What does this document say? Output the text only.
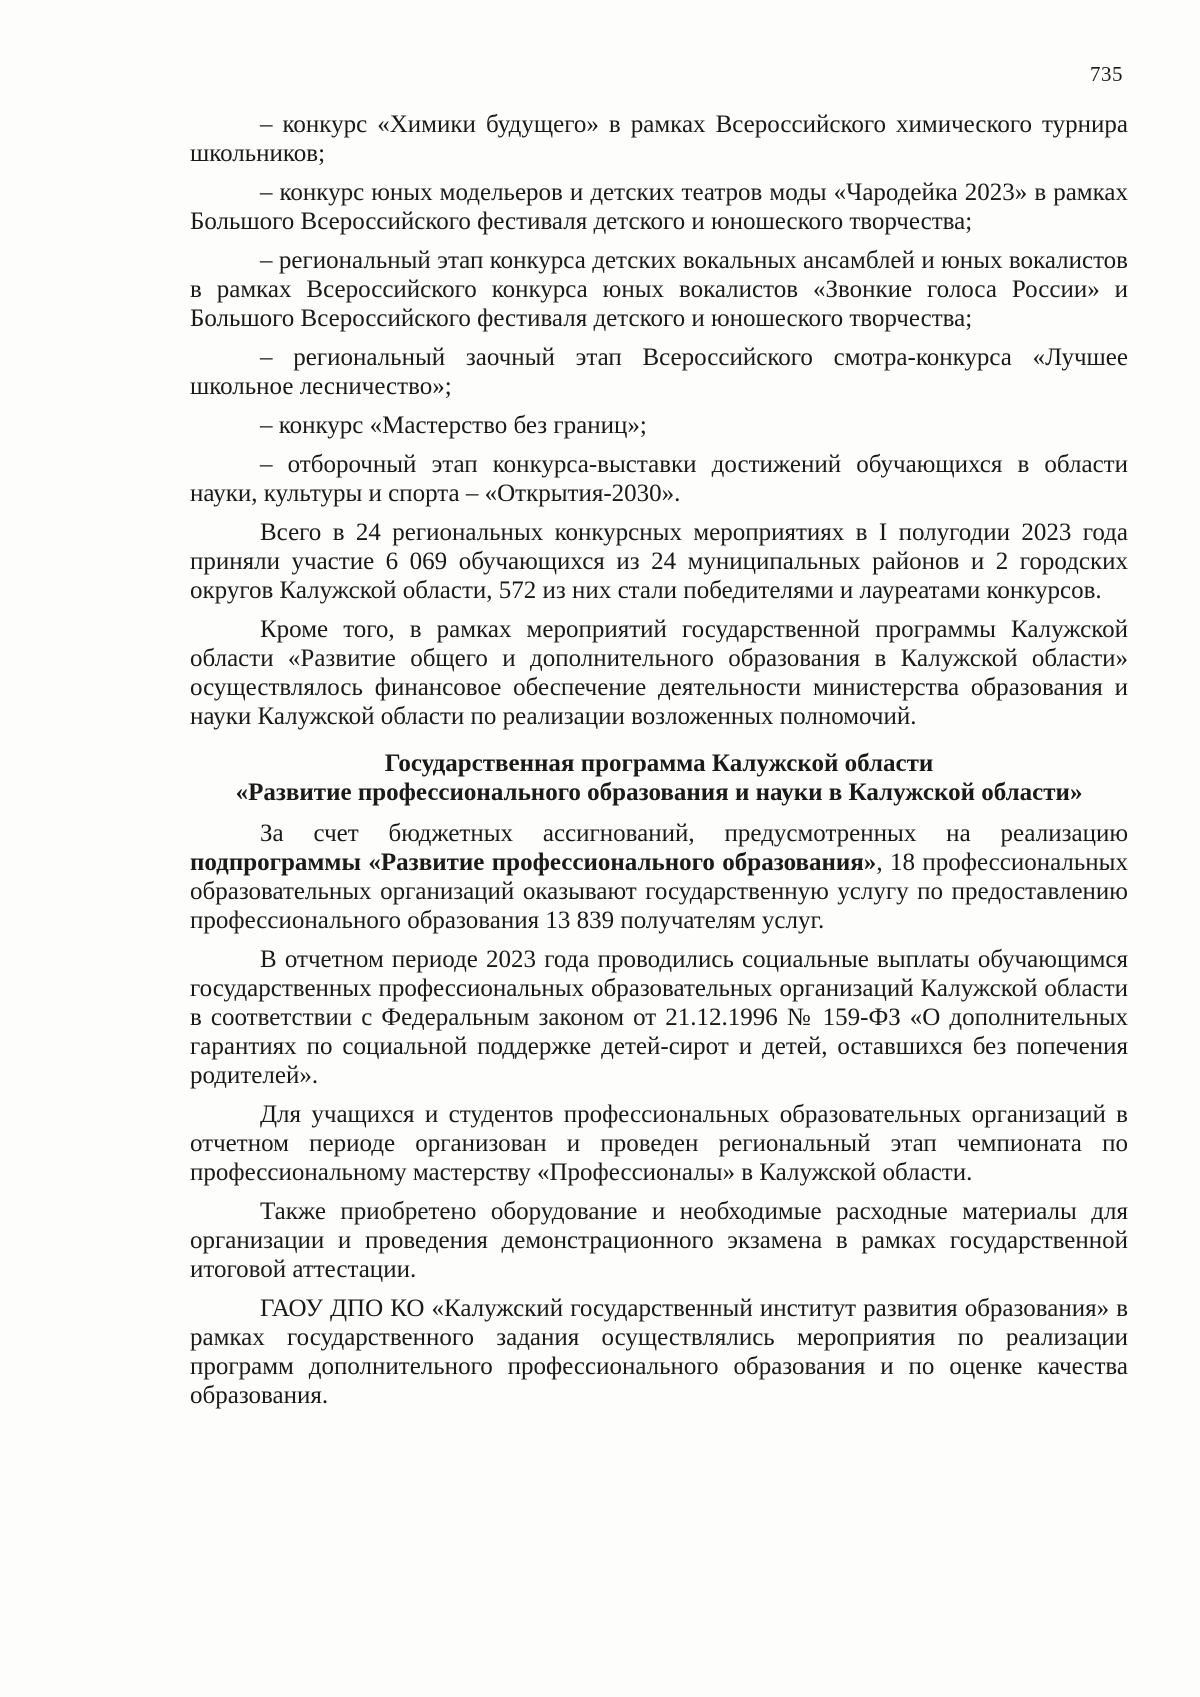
735

– конкурс «Химики будущего» в рамках Всероссийского химического турнира школьников;

– конкурс юных модельеров и детских театров моды «Чародейка 2023» в рамках Большого Всероссийского фестиваля детского и юношеского творчества;

– региональный этап конкурса детских вокальных ансамблей и юных вокалистов в рамках Всероссийского конкурса юных вокалистов «Звонкие голоса России» и Большого Всероссийского фестиваля детского и юношеского творчества;

– региональный заочный этап Всероссийского смотра-конкурса «Лучшее школьное лесничество»;

– конкурс «Мастерство без границ»;

– отборочный этап конкурса-выставки достижений обучающихся в области науки, культуры и спорта – «Открытия-2030».

Всего в 24 региональных конкурсных мероприятиях в I полугодии 2023 года приняли участие 6 069 обучающихся из 24 муниципальных районов и 2 городских округов Калужской области, 572 из них стали победителями и лауреатами конкурсов.

Кроме того, в рамках мероприятий государственной программы Калужской области «Развитие общего и дополнительного образования в Калужской области» осуществлялось финансовое обеспечение деятельности министерства образования и науки Калужской области по реализации возложенных полномочий.

Государственная программа Калужской области
«Развитие профессионального образования и науки в Калужской области»

За счет бюджетных ассигнований, предусмотренных на реализацию подпрограммы «Развитие профессионального образования», 18 профессиональных образовательных организаций оказывают государственную услугу по предоставлению профессионального образования 13 839 получателям услуг.

В отчетном периоде 2023 года проводились социальные выплаты обучающимся государственных профессиональных образовательных организаций Калужской области в соответствии с Федеральным законом от 21.12.1996 № 159-ФЗ «О дополнительных гарантиях по социальной поддержке детей-сирот и детей, оставшихся без попечения родителей».

Для учащихся и студентов профессиональных образовательных организаций в отчетном периоде организован и проведен региональный этап чемпионата по профессиональному мастерству «Профессионалы» в Калужской области.

Также приобретено оборудование и необходимые расходные материалы для организации и проведения демонстрационного экзамена в рамках государственной итоговой аттестации.

ГАОУ ДПО КО «Калужский государственный институт развития образования» в рамках государственного задания осуществлялись мероприятия по реализации программ дополнительного профессионального образования и по оценке качества образования.
